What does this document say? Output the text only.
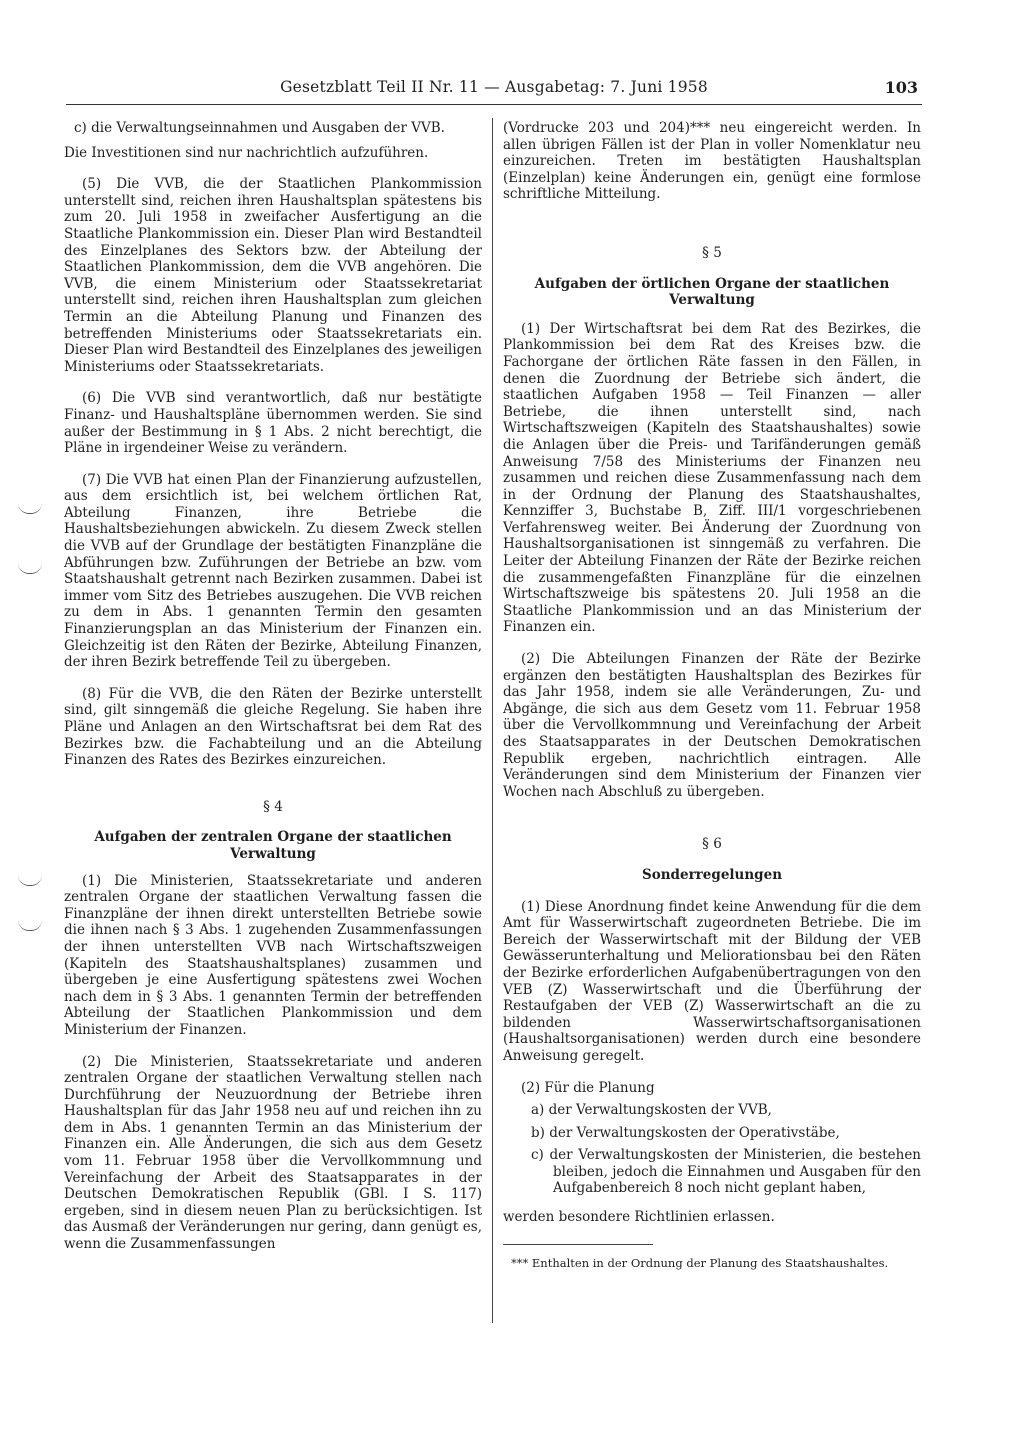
Gesetzblatt Teil II Nr. 11 — Ausgabetag: 7. Juni 1958	103

c) die Verwaltungseinnahmen und Ausgaben der VVB.

Die Investitionen sind nur nachrichtlich aufzuführen.

(5) Die VVB, die der Staatlichen Plankommission unterstellt sind, reichen ihren Haushaltsplan spätestens bis zum 20. Juli 1958 in zweifacher Ausfertigung an die Staatliche Plankommission ein. Dieser Plan wird Bestandteil des Einzelplanes des Sektors bzw. der Abteilung der Staatlichen Plankommission, dem die VVB angehören. Die VVB, die einem Ministerium oder Staatssekretariat unterstellt sind, reichen ihren Haushaltsplan zum gleichen Termin an die Abteilung Planung und Finanzen des betreffenden Ministeriums oder Staatssekretariats ein. Dieser Plan wird Bestandteil des Einzelplanes des jeweiligen Ministeriums oder Staatssekretariats.

(6) Die VVB sind verantwortlich, daß nur bestätigte Finanz- und Haushaltspläne übernommen werden. Sie sind außer der Bestimmung in § 1 Abs. 2 nicht berechtigt, die Pläne in irgendeiner Weise zu verändern.

(7) Die VVB hat einen Plan der Finanzierung aufzustellen, aus dem ersichtlich ist, bei welchem örtlichen Rat, Abteilung Finanzen, ihre Betriebe die Haushaltsbeziehungen abwickeln. Zu diesem Zweck stellen die VVB auf der Grundlage der bestätigten Finanzpläne die Abführungen bzw. Zuführungen der Betriebe an bzw. vom Staatshaushalt getrennt nach Bezirken zusammen. Dabei ist immer vom Sitz des Betriebes auszugehen. Die VVB reichen zu dem in Abs. 1 genannten Termin den gesamten Finanzierungsplan an das Ministerium der Finanzen ein. Gleichzeitig ist den Räten der Bezirke, Abteilung Finanzen, der ihren Bezirk betreffende Teil zu übergeben.

(8) Für die VVB, die den Räten der Bezirke unterstellt sind, gilt sinngemäß die gleiche Regelung. Sie haben ihre Pläne und Anlagen an den Wirtschaftsrat bei dem Rat des Bezirkes bzw. die Fachabteilung und an die Abteilung Finanzen des Rates des Bezirkes einzureichen.

§ 4

Aufgaben der zentralen Organe der staatlichen Verwaltung

(1) Die Ministerien, Staatssekretariate und anderen zentralen Organe der staatlichen Verwaltung fassen die Finanzpläne der ihnen direkt unterstellten Betriebe sowie die ihnen nach § 3 Abs. 1 zugehenden Zusammenfassungen der ihnen unterstellten VVB nach Wirtschaftszweigen (Kapiteln des Staatshaushaltsplanes) zusammen und übergeben je eine Ausfertigung spätestens zwei Wochen nach dem in § 3 Abs. 1 genannten Termin der betreffenden Abteilung der Staatlichen Plankommission und dem Ministerium der Finanzen.

(2) Die Ministerien, Staatssekretariate und anderen zentralen Organe der staatlichen Verwaltung stellen nach Durchführung der Neuzuordnung der Betriebe ihren Haushaltsplan für das Jahr 1958 neu auf und reichen ihn zu dem in Abs. 1 genannten Termin an das Ministerium der Finanzen ein. Alle Änderungen, die sich aus dem Gesetz vom 11. Februar 1958 über die Vervollkommnung und Vereinfachung der Arbeit des Staatsapparates in der Deutschen Demokratischen Republik (GBl. I S. 117) ergeben, sind in diesem neuen Plan zu berücksichtigen. Ist das Ausmaß der Veränderungen nur gering, dann genügt es, wenn die Zusammenfassungen

(Vordrucke 203 und 204)*** neu eingereicht werden. In allen übrigen Fällen ist der Plan in voller Nomenklatur neu einzureichen. Treten im bestätigten Haushaltsplan (Einzelplan) keine Änderungen ein, genügt eine formlose schriftliche Mitteilung.

§ 5

Aufgaben der örtlichen Organe der staatlichen Verwaltung

(1) Der Wirtschaftsrat bei dem Rat des Bezirkes, die Plankommission bei dem Rat des Kreises bzw. die Fachorgane der örtlichen Räte fassen in den Fällen, in denen die Zuordnung der Betriebe sich ändert, die staatlichen Aufgaben 1958 — Teil Finanzen — aller Betriebe, die ihnen unterstellt sind, nach Wirtschaftszweigen (Kapiteln des Staatshaushaltes) sowie die Anlagen über die Preis- und Tarifänderungen gemäß Anweisung 7/58 des Ministeriums der Finanzen neu zusammen und reichen diese Zusammenfassung nach dem in der Ordnung der Planung des Staatshaushaltes, Kennziffer 3, Buchstabe B, Ziff. III/1 vorgeschriebenen Verfahrensweg weiter. Bei Änderung der Zuordnung von Haushaltsorganisationen ist sinngemäß zu verfahren. Die Leiter der Abteilung Finanzen der Räte der Bezirke reichen die zusammengefaßten Finanzpläne für die einzelnen Wirtschaftszweige bis spätestens 20. Juli 1958 an die Staatliche Plankommission und an das Ministerium der Finanzen ein.

(2) Die Abteilungen Finanzen der Räte der Bezirke ergänzen den bestätigten Haushaltsplan des Bezirkes für das Jahr 1958, indem sie alle Veränderungen, Zu- und Abgänge, die sich aus dem Gesetz vom 11. Februar 1958 über die Vervollkommnung und Vereinfachung der Arbeit des Staatsapparates in der Deutschen Demokratischen Republik ergeben, nachrichtlich eintragen. Alle Veränderungen sind dem Ministerium der Finanzen vier Wochen nach Abschluß zu übergeben.

§ 6

Sonderregelungen

(1) Diese Anordnung findet keine Anwendung für die dem Amt für Wasserwirtschaft zugeordneten Betriebe. Die im Bereich der Wasserwirtschaft mit der Bildung der VEB Gewässerunterhaltung und Meliorationsbau bei den Räten der Bezirke erforderlichen Aufgabenübertragungen von den VEB (Z) Wasserwirtschaft und die Überführung der Restaufgaben der VEB (Z) Wasserwirtschaft an die zu bildenden Wasserwirtschaftsorganisationen (Haushaltsorganisationen) werden durch eine besondere Anweisung geregelt.

(2) Für die Planung

a) der Verwaltungskosten der VVB,

b) der Verwaltungskosten der Operativstäbe,

c) der Verwaltungskosten der Ministerien, die bestehen bleiben, jedoch die Einnahmen und Ausgaben für den Aufgabenbereich 8 noch nicht geplant haben,

werden besondere Richtlinien erlassen.

*** Enthalten in der Ordnung der Planung des Staatshaushaltes.
